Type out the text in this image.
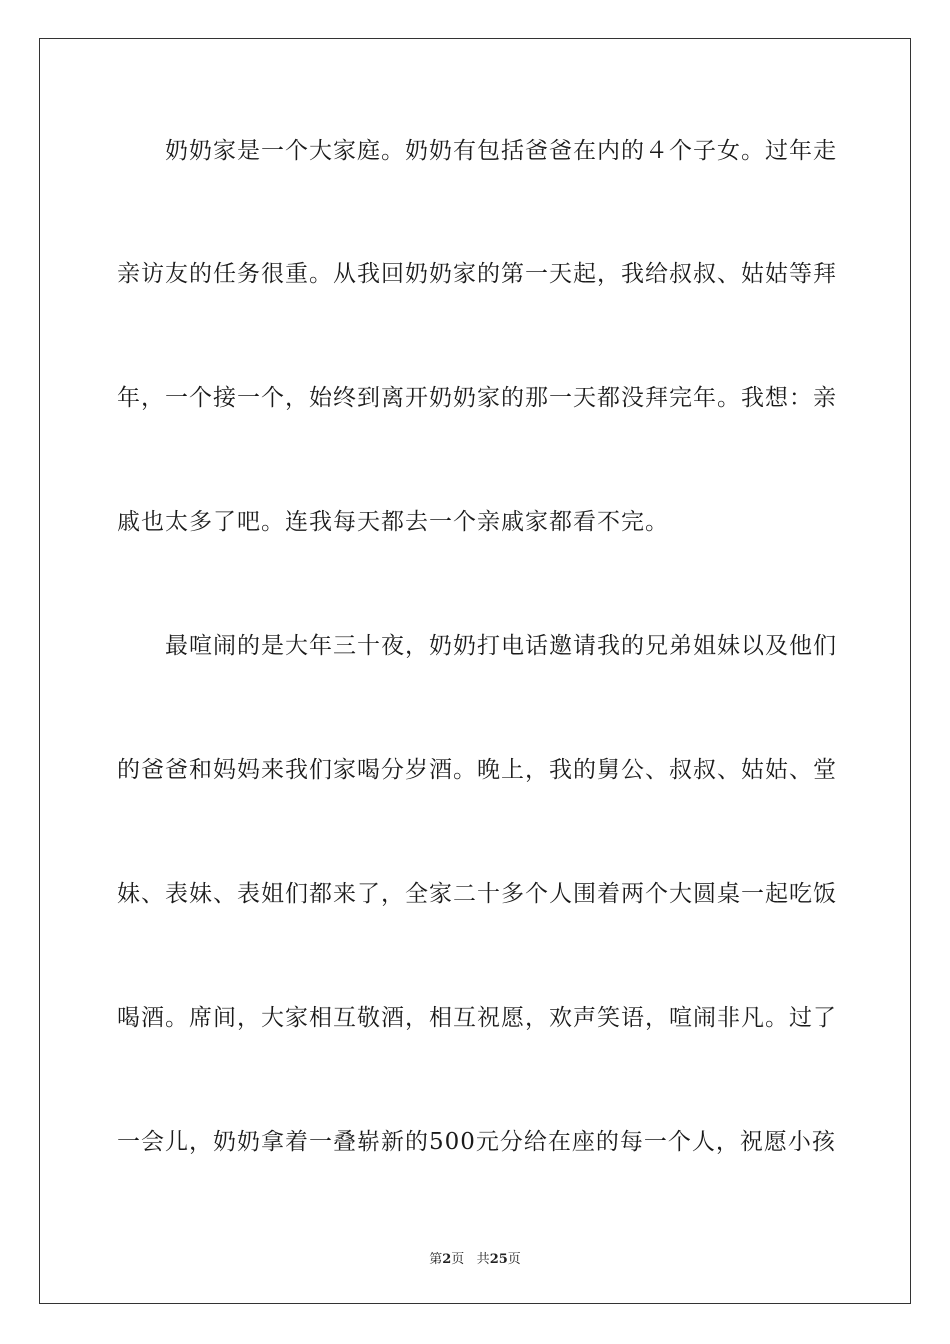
奶奶家是一个大家庭。奶奶有包括爸爸在内的４个子女。过年走
亲访友的任务很重。从我回奶奶家的第一天起，我给叔叔、姑姑等拜
年，一个接一个，始终到离开奶奶家的那一天都没拜完年。我想：亲
戚也太多了吧。连我每天都去一个亲戚家都看不完。
最喧闹的是大年三十夜，奶奶打电话邀请我的兄弟姐妹以及他们
的爸爸和妈妈来我们家喝分岁酒。晚上，我的舅公、叔叔、姑姑、堂
妹、表妹、表姐们都来了，全家二十多个人围着两个大圆桌一起吃饭
喝酒。席间，大家相互敬酒，相互祝愿，欢声笑语，喧闹非凡。过了
一会儿，奶奶拿着一叠崭新的500元分给在座的每一个人，祝愿小孩
第2页 共25页
